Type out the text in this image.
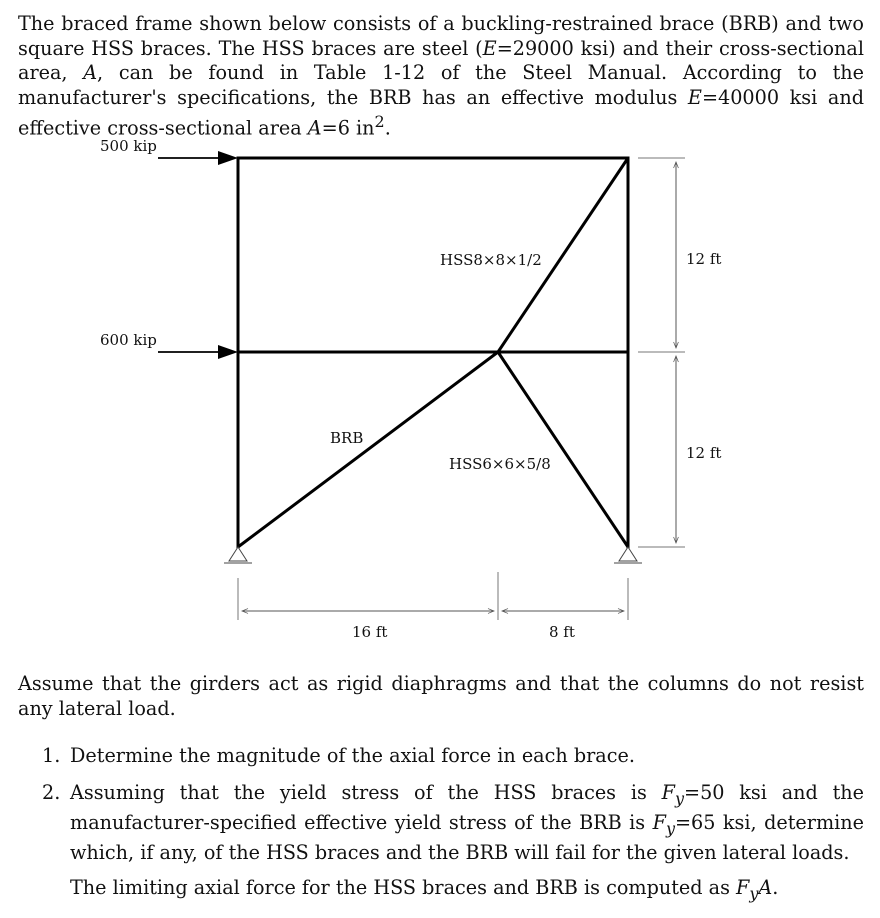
The braced frame shown below consists of a buckling-restrained brace (BRB) and two square HSS braces. The HSS braces are steel (E=29000 ksi) and their cross-sectional area, A, can be found in Table 1-12 of the Steel Manual. According to the manufacturer's specifications, the BRB has an effective modulus E=40000 ksi and effective cross-sectional area A=6 $in^2$.
500 kip
600 kip
HSS8×8×1/2
BRB
HSS6×6×5/8
12 ft
12 ft
16 ft	8 ft
Assume that the girders act as rigid diaphragms and that the columns do not resist any lateral load.
1. Determine the magnitude of the axial force in each brace.
2. Assuming that the yield stress of the HSS braces is $F_y=50$ ksi and the manufacturer-specified effective yield stress of the BRB is $F_y=65$ ksi, determine which, if any, of the HSS braces and the BRB will fail for the given lateral loads.
The limiting axial force for the HSS braces and BRB is computed as $F_yA$.
